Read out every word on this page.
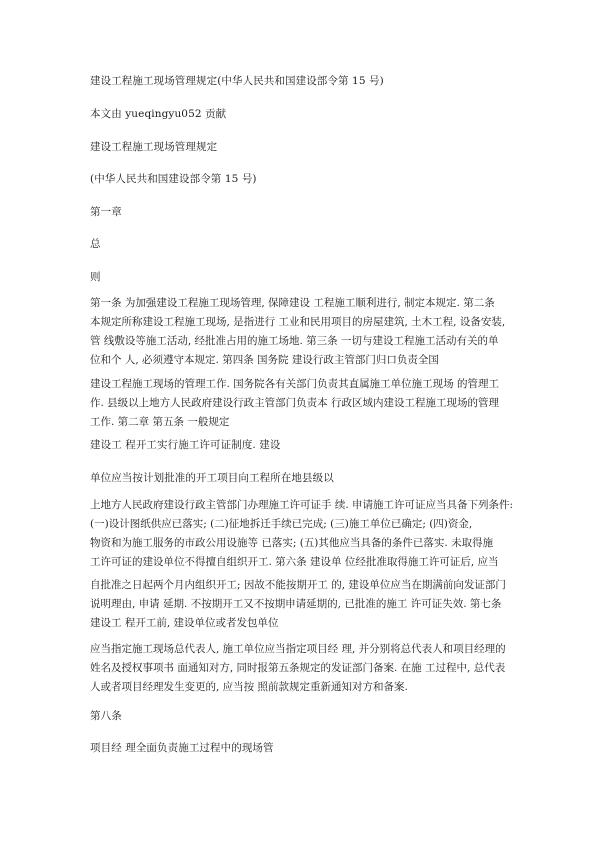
建设工程施工现场管理规定(中华人民共和国建设部令第 15 号)
本文由 yueqingyu052 贡献
建设工程施工现场管理规定
(中华人民共和国建设部令第 15 号)
第一章
总
则
第一条 为加强建设工程施工现场管理, 保障建设 工程施工顺利进行, 制定本规定. 第二条
本规定所称建设工程施工现场, 是指进行 工业和民用项目的房屋建筑, 土木工程, 设备安装,
管 线敷设等施工活动, 经批准占用的施工场地. 第三条 一切与建设工程施工活动有关的单
位和个 人, 必须遵守本规定. 第四条 国务院 建设行政主管部门归口负责全国
建设工程施工现场的管理工作. 国务院各有关部门负责其直属施工单位施工现场 的管理工
作. 县级以上地方人民政府建设行政主管部门负责本 行政区域内建设工程施工现场的管理
工作. 第二章 第五条 一般规定
建设工 程开工实行施工许可证制度. 建设
单位应当按计划批准的开工项目向工程所在地县级以
上地方人民政府建设行政主管部门办理施工许可证手 续. 申请施工许可证应当具备下列条件:
(一)设计图纸供应已落实; (二)征地拆迁手续已完成; (三)施工单位已确定; (四)资金,
物资和为施工服务的市政公用设施等 已落实; (五)其他应当具备的条件已落实. 未取得施
工许可证的建设单位不得擅自组织开工. 第六条 建设单 位经批准取得施工许可证后, 应当
自批准之日起两个月内组织开工; 因故不能按期开工 的, 建设单位应当在期满前向发证部门
说明理由, 申请 延期. 不按期开工又不按期申请延期的, 已批准的施工 许可证失效. 第七条
建设工 程开工前, 建设单位或者发包单位
应当指定施工现场总代表人, 施工单位应当指定项目经 理, 并分别将总代表人和项目经理的
姓名及授权事项书 面通知对方, 同时报第五条规定的发证部门备案. 在施 工过程中, 总代表
人或者项目经理发生变更的, 应当按 照前款规定重新通知对方和备案.
第八条
项目经 理全面负责施工过程中的现场管
